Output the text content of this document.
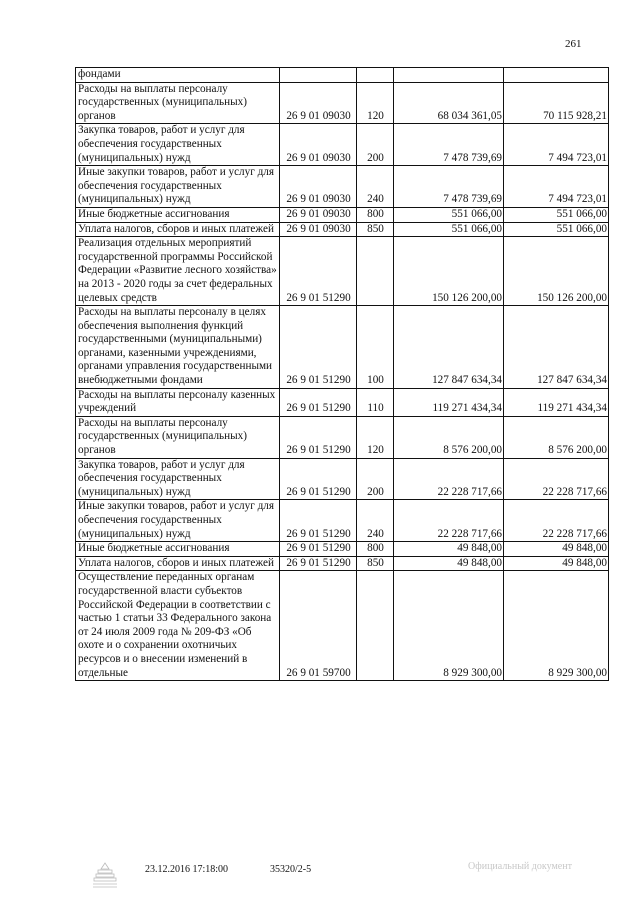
261
фондами				
Расходы на выплаты персоналу государственных (муниципальных) органов	26 9 01 09030	120	68 034 361,05	70 115 928,21
Закупка товаров, работ и услуг для обеспечения государственных (муниципальных) нужд	26 9 01 09030	200	7 478 739,69	7 494 723,01
Иные закупки товаров, работ и услуг для обеспечения государственных (муниципальных) нужд	26 9 01 09030	240	7 478 739,69	7 494 723,01
Иные бюджетные ассигнования	26 9 01 09030	800	551 066,00	551 066,00
Уплата налогов, сборов и иных платежей	26 9 01 09030	850	551 066,00	551 066,00
Реализация отдельных мероприятий государственной программы Российской Федерации «Развитие лесного хозяйства» на 2013 - 2020 годы за счет федеральных целевых средств	26 9 01 51290		150 126 200,00	150 126 200,00
Расходы на выплаты персоналу в целях обеспечения выполнения функций государственными (муниципальными) органами, казенными учреждениями, органами управления государственными внебюджетными фондами	26 9 01 51290	100	127 847 634,34	127 847 634,34
Расходы на выплаты персоналу казенных учреждений	26 9 01 51290	110	119 271 434,34	119 271 434,34
Расходы на выплаты персоналу государственных (муниципальных) органов	26 9 01 51290	120	8 576 200,00	8 576 200,00
Закупка товаров, работ и услуг для обеспечения государственных (муниципальных) нужд	26 9 01 51290	200	22 228 717,66	22 228 717,66
Иные закупки товаров, работ и услуг для обеспечения государственных (муниципальных) нужд	26 9 01 51290	240	22 228 717,66	22 228 717,66
Иные бюджетные ассигнования	26 9 01 51290	800	49 848,00	49 848,00
Уплата налогов, сборов и иных платежей	26 9 01 51290	850	49 848,00	49 848,00
Осуществление переданных органам государственной власти субъектов Российской Федерации в соответствии с частью 1 статьи 33 Федерального закона от 24 июля 2009 года № 209-ФЗ «Об охоте и о сохранении охотничьих ресурсов и о внесении изменений в отдельные	26 9 01 59700		8 929 300,00	8 929 300,00
23.12.2016 17:18:00	35320/2-5	Официальный документ
